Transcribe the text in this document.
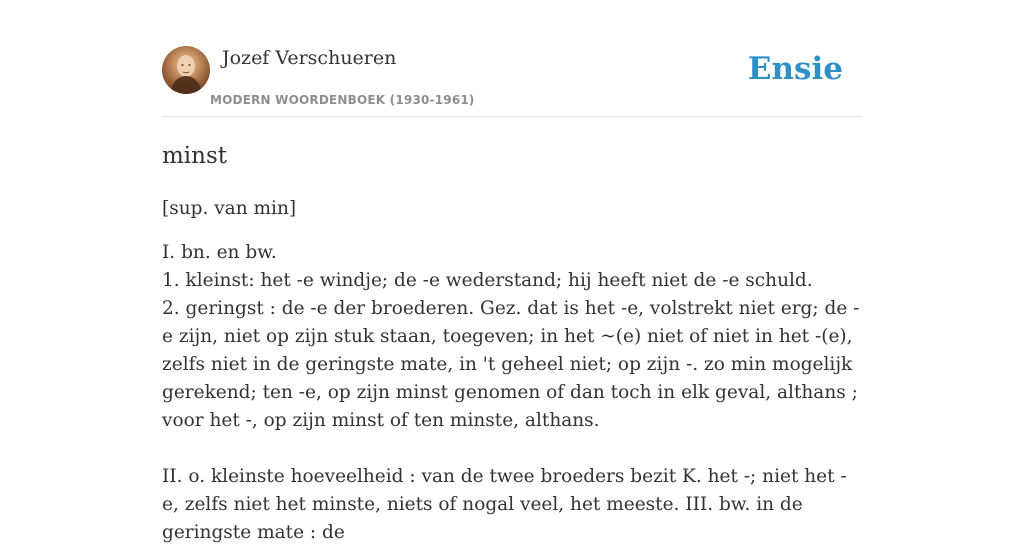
Jozef Verschueren
MODERN WOORDENBOEK (1930-1961)
Ensie
minst
[sup. van min]

I. bn. en bw.

1. kleinst: het -e windje; de -e wederstand; hij heeft niet de -e schuld.

2. geringst : de -e der broederen. Gez. dat is het -e, volstrekt niet erg; de -e zijn, niet op zijn stuk staan, toegeven; in het ~(e) niet of niet in het -(e), zelfs niet in de geringste mate, in 't geheel niet; op zijn -. zo min mogelijk gerekend; ten -e, op zijn minst genomen of dan toch in elk geval, althans ; voor het -, op zijn minst of ten minste, althans.

II. o. kleinste hoeveelheid : van de twee broeders bezit K. het -; niet het -e, zelfs niet het minste, niets of nogal veel, het meeste. III. bw. in de geringste mate : de
